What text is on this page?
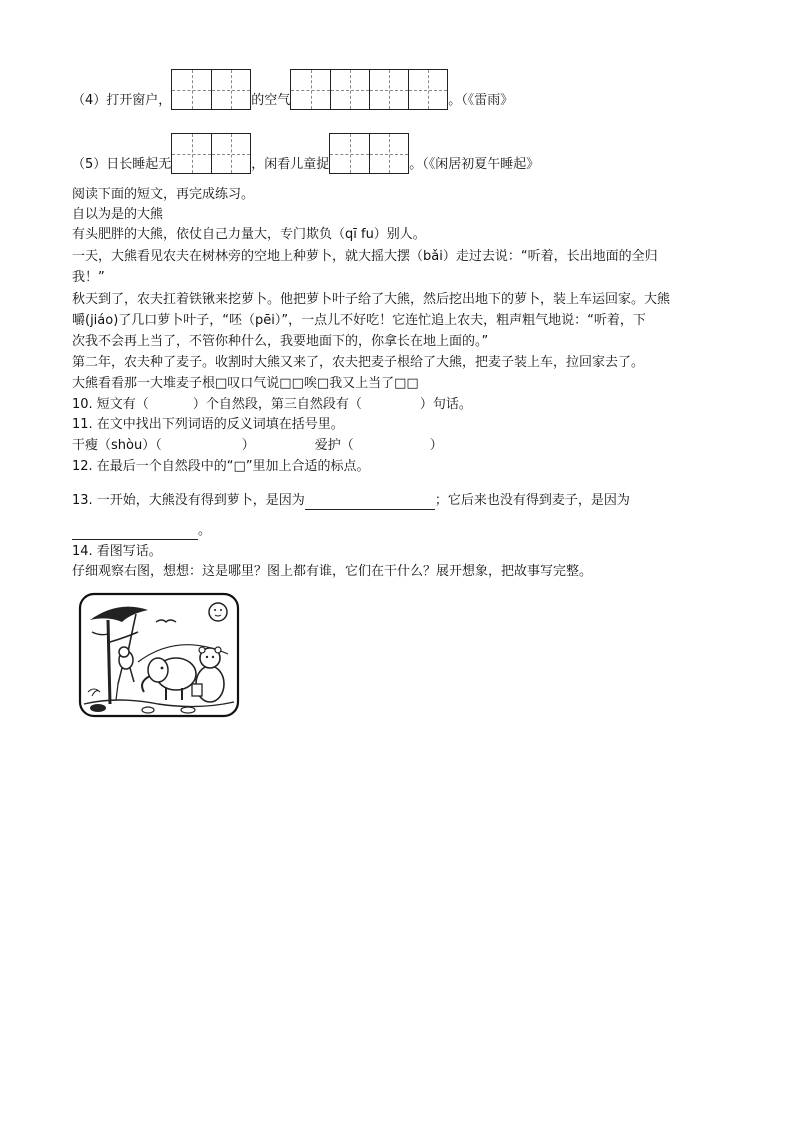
（4）打开窗户，	的空气	。（《雷雨》
（5）日长睡起无	，闲看儿童捉	。（《闲居初夏午睡起》
阅读下面的短文，再完成练习。
自以为是的大熊
有头肥胖的大熊，依仗自己力量大，专门欺负（qī fu）别人。
一天，大熊看见农夫在树林旁的空地上种萝卜，就大摇大摆（bǎi）走过去说：“听着，长出地面的全归
我！”
秋天到了，农夫扛着铁锹来挖萝卜。他把萝卜叶子给了大熊，然后挖出地下的萝卜，装上车运回家。大熊
嚼(jiáo)了几口萝卜叶子，“呸（pēi）”，一点儿不好吃！它连忙追上农夫，粗声粗气地说：“听着，下
次我不会再上当了，不管你种什么，我要地面下的，你拿长在地上面的。”
第二年，农夫种了麦子。收割时大熊又来了，农夫把麦子根给了大熊，把麦子装上车，拉回家去了。
大熊看看那一大堆麦子根□叹口气说□□唉□我又上当了□□
10. 短文有（	）个自然段，第三自然段有（	）句话。
11. 在文中找出下列词语的反义词填在括号里。
干瘦（shòu）（	）	爱护（	）
12. 在最后一个自然段中的“□”里加上合适的标点。
13. 一开始，大熊没有得到萝卜，是因为	；它后来也没有得到麦子，是因为
。
14. 看图写话。
仔细观察右图，想想：这是哪里？图上都有谁，它们在干什么？展开想象，把故事写完整。
